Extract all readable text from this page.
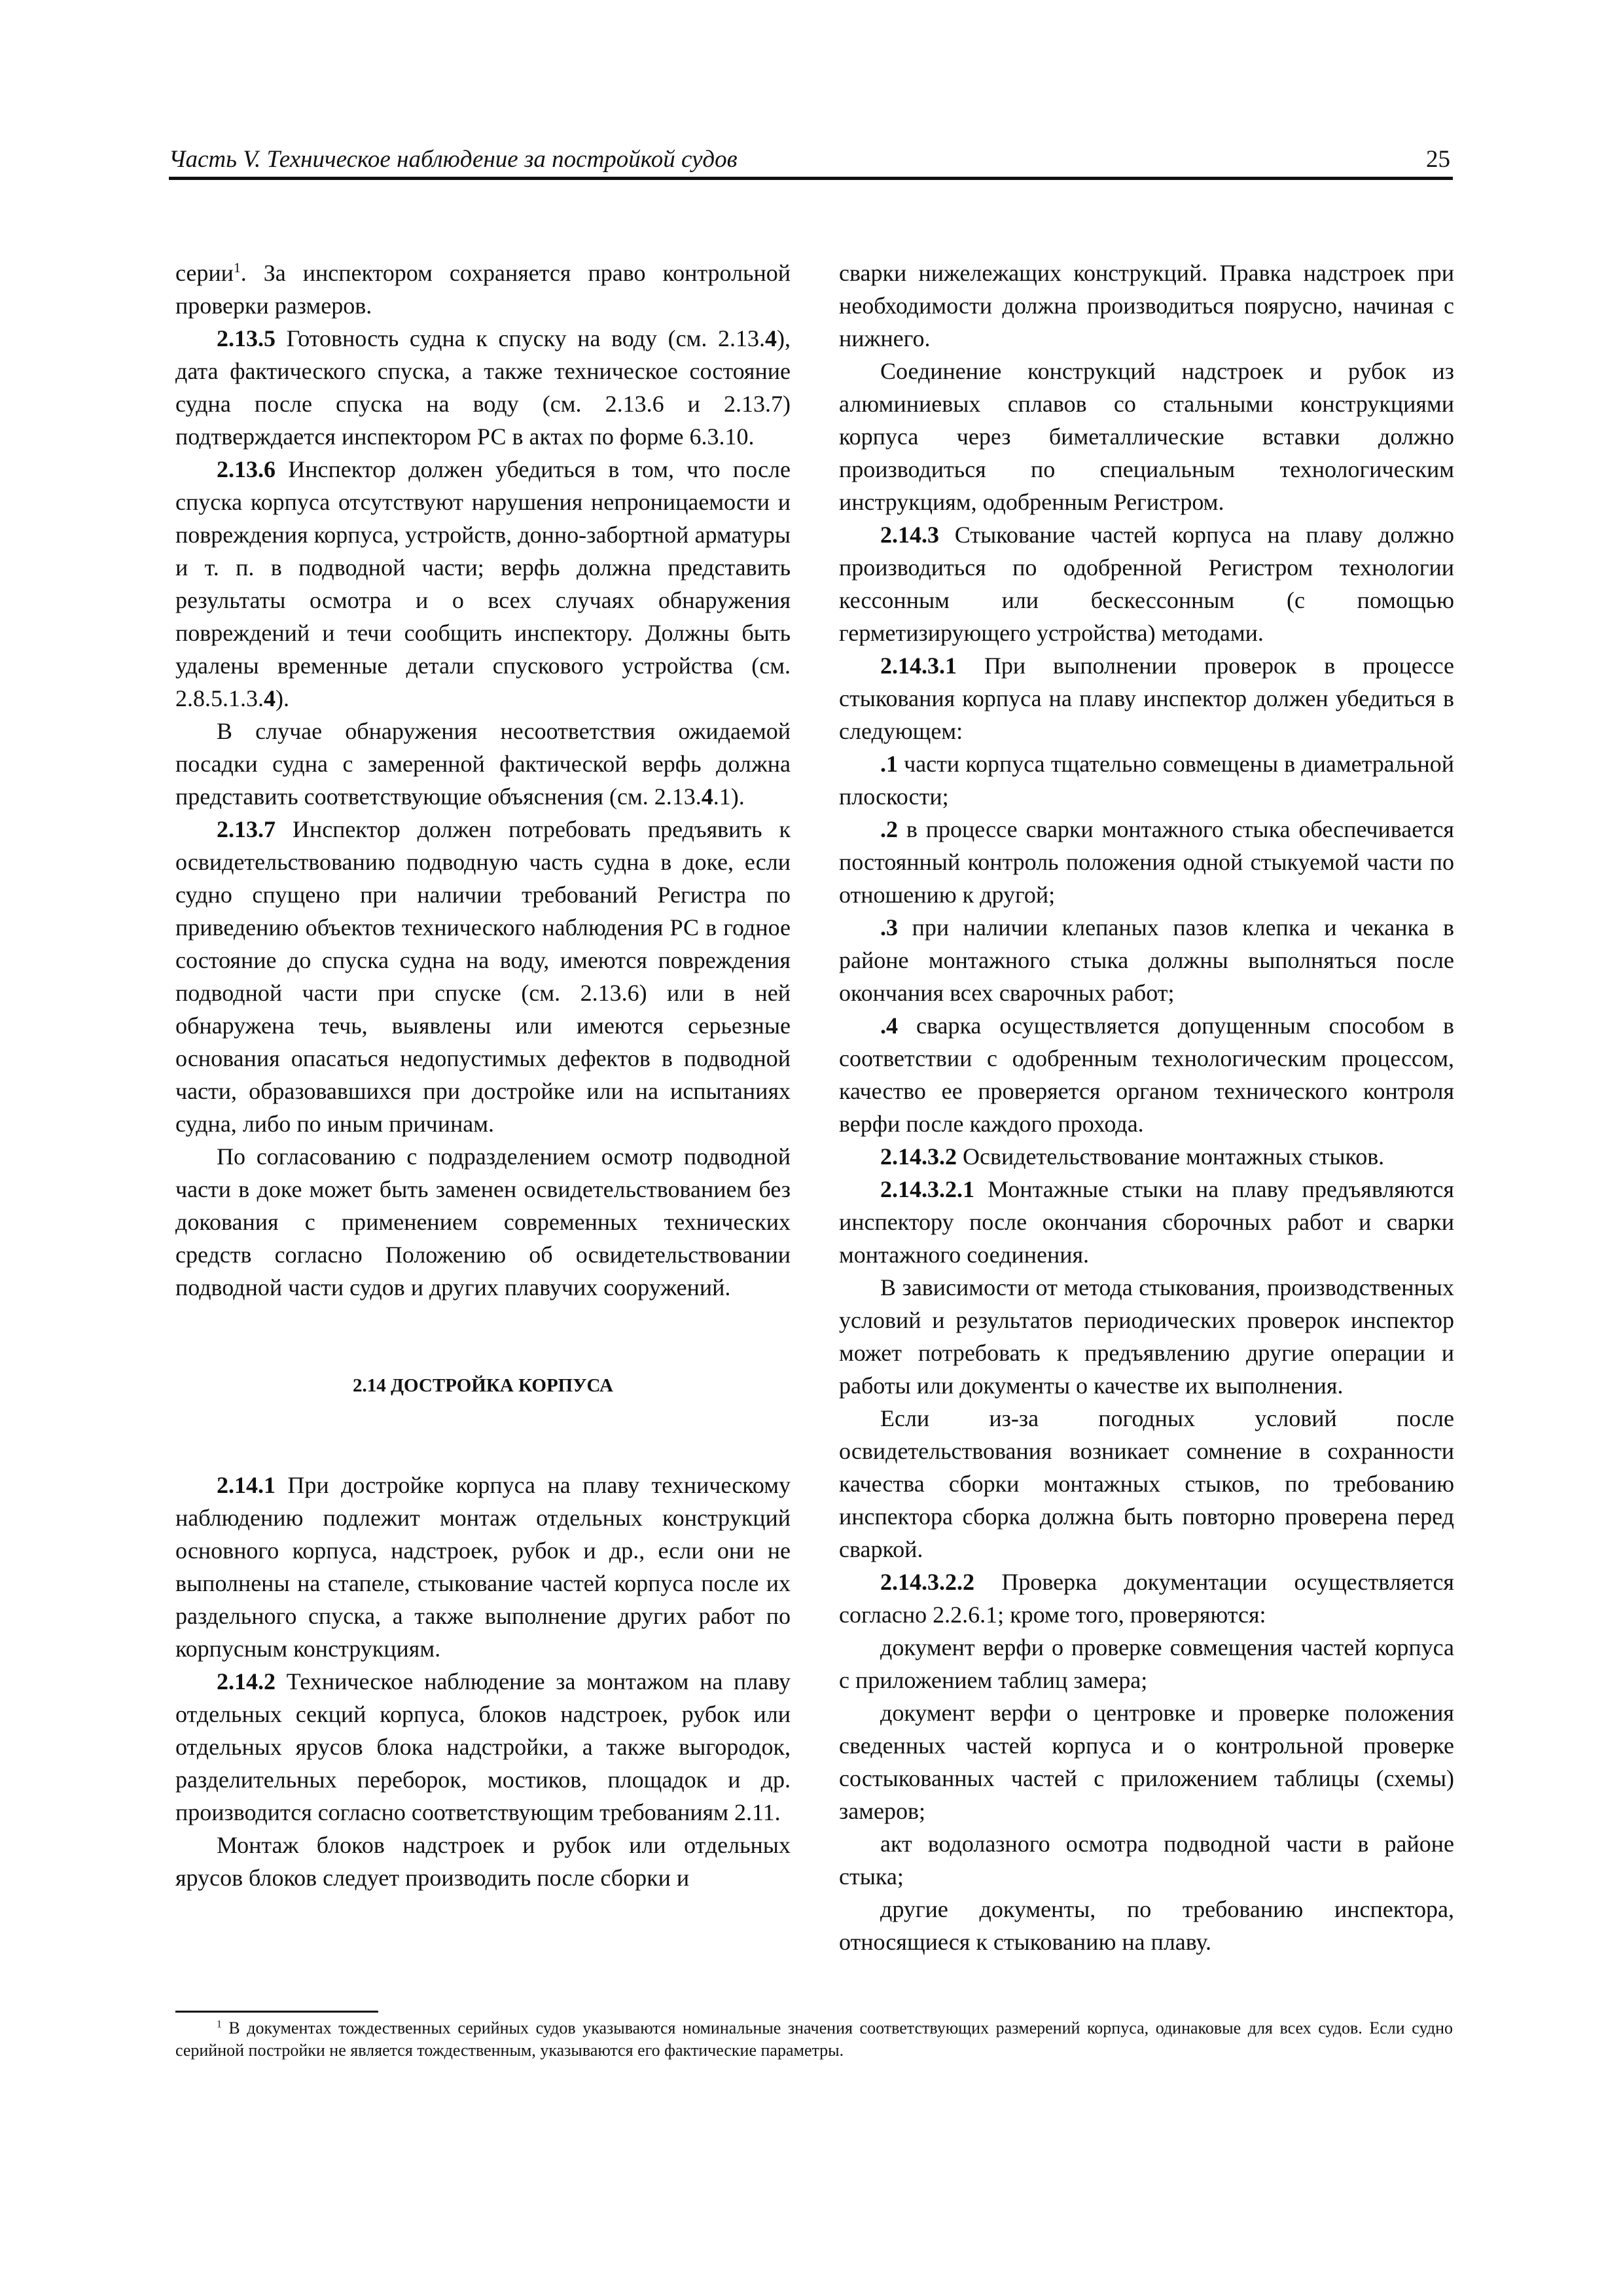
Часть V. Техническое наблюдение за постройкой судов	25

серии$^1$. За инспектором сохраняется право контрольной проверки размеров.

2.13.5 Готовность судна к спуску на воду (см. 2.13.4), дата фактического спуска, а также техническое состояние судна после спуска на воду (см. 2.13.6 и 2.13.7) подтверждается инспектором РС в актах по форме 6.3.10.

2.13.6 Инспектор должен убедиться в том, что после спуска корпуса отсутствуют нарушения непроницаемости и повреждения корпуса, устройств, донно-забортной арматуры и т. п. в подводной части; верфь должна представить результаты осмотра и о всех случаях обнаружения повреждений и течи сообщить инспектору. Должны быть удалены временные детали спускового устройства (см. 2.8.5.1.3.4).

В случае обнаружения несоответствия ожидаемой посадки судна с замеренной фактической верфь должна представить соответствующие объяснения (см. 2.13.4.1).

2.13.7 Инспектор должен потребовать предъявить к освидетельствованию подводную часть судна в доке, если судно спущено при наличии требований Регистра по приведению объектов технического наблюдения РС в годное состояние до спуска судна на воду, имеются повреждения подводной части при спуске (см. 2.13.6) или в ней обнаружена течь, выявлены или имеются серьезные основания опасаться недопустимых дефектов в подводной части, образовавшихся при достройке или на испытаниях судна, либо по иным причинам.

По согласованию с подразделением осмотр подводной части в доке может быть заменен освидетельствованием без докования с применением современных технических средств согласно Положению об освидетельствовании подводной части судов и других плавучих сооружений.

2.14 ДОСТРОЙКА КОРПУСА

2.14.1 При достройке корпуса на плаву техническому наблюдению подлежит монтаж отдельных конструкций основного корпуса, надстроек, рубок и др., если они не выполнены на стапеле, стыкование частей корпуса после их раздельного спуска, а также выполнение других работ по корпусным конструкциям.

2.14.2 Техническое наблюдение за монтажом на плаву отдельных секций корпуса, блоков надстроек, рубок или отдельных ярусов блока надстройки, а также выгородок, разделительных переборок, мостиков, площадок и др. производится согласно соответствующим требованиям 2.11.

Монтаж блоков надстроек и рубок или отдельных ярусов блоков следует производить после сборки и

сварки нижележащих конструкций. Правка надстроек при необходимости должна производиться поярусно, начиная с нижнего.

Соединение конструкций надстроек и рубок из алюминиевых сплавов со стальными конструкциями корпуса через биметаллические вставки должно производиться по специальным технологическим инструкциям, одобренным Регистром.

2.14.3 Стыкование частей корпуса на плаву должно производиться по одобренной Регистром технологии кессонным или бескессонным (с помощью герметизирующего устройства) методами.

2.14.3.1 При выполнении проверок в процессе стыкования корпуса на плаву инспектор должен убедиться в следующем:

.1 части корпуса тщательно совмещены в диаметральной плоскости;

.2 в процессе сварки монтажного стыка обеспечивается постоянный контроль положения одной стыкуемой части по отношению к другой;

.3 при наличии клепаных пазов клепка и чеканка в районе монтажного стыка должны выполняться после окончания всех сварочных работ;

.4 сварка осуществляется допущенным способом в соответствии с одобренным технологическим процессом, качество ее проверяется органом технического контроля верфи после каждого прохода.

2.14.3.2 Освидетельствование монтажных стыков.

2.14.3.2.1 Монтажные стыки на плаву предъявляются инспектору после окончания сборочных работ и сварки монтажного соединения.

В зависимости от метода стыкования, производственных условий и результатов периодических проверок инспектор может потребовать к предъявлению другие операции и работы или документы о качестве их выполнения.

Если из-за погодных условий после освидетельствования возникает сомнение в сохранности качества сборки монтажных стыков, по требованию инспектора сборка должна быть повторно проверена перед сваркой.

2.14.3.2.2 Проверка документации осуществляется согласно 2.2.6.1; кроме того, проверяются:

документ верфи о проверке совмещения частей корпуса с приложением таблиц замера;

документ верфи о центровке и проверке положения сведенных частей корпуса и о контрольной проверке состыкованных частей с приложением таблицы (схемы) замеров;

акт водолазного осмотра подводной части в районе стыка;

другие документы, по требованию инспектора, относящиеся к стыкованию на плаву.

$^1$ В документах тождественных серийных судов указываются номинальные значения соответствующих размерений корпуса, одинаковые для всех судов. Если судно серийной постройки не является тождественным, указываются его фактические параметры.
